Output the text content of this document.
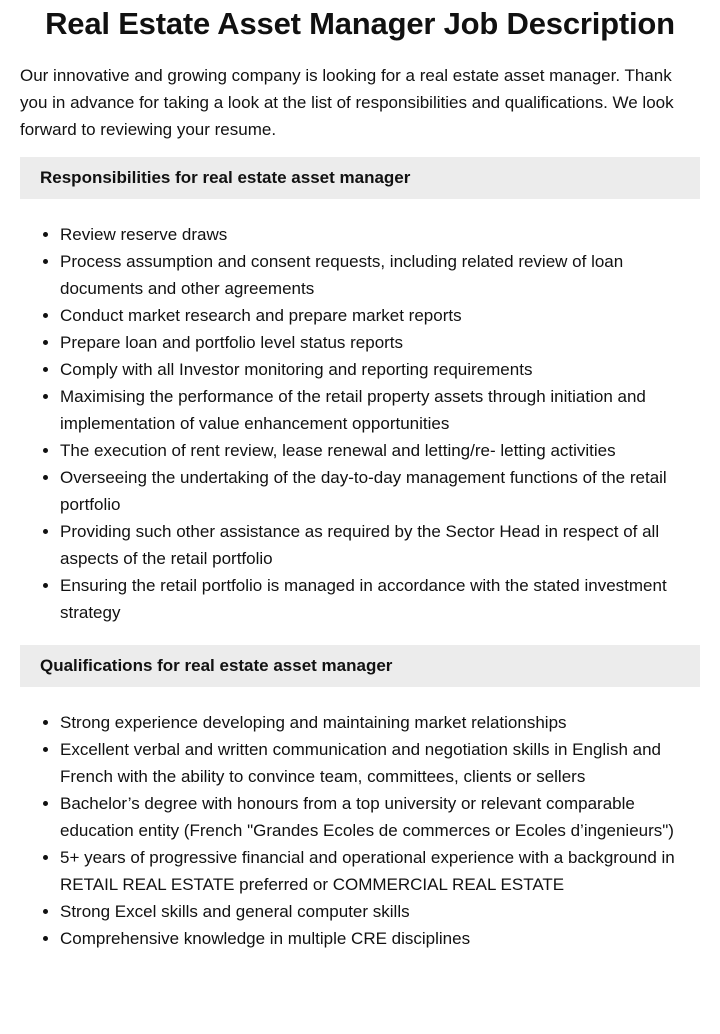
Real Estate Asset Manager Job Description

Our innovative and growing company is looking for a real estate asset manager. Thank you in advance for taking a look at the list of responsibilities and qualifications. We look forward to reviewing your resume.

Responsibilities for real estate asset manager
• Review reserve draws
• Process assumption and consent requests, including related review of loan documents and other agreements
• Conduct market research and prepare market reports
• Prepare loan and portfolio level status reports
• Comply with all Investor monitoring and reporting requirements
• Maximising the performance of the retail property assets through initiation and implementation of value enhancement opportunities
• The execution of rent review, lease renewal and letting/re- letting activities
• Overseeing the undertaking of the day-to-day management functions of the retail portfolio
• Providing such other assistance as required by the Sector Head in respect of all aspects of the retail portfolio
• Ensuring the retail portfolio is managed in accordance with the stated investment strategy
Qualifications for real estate asset manager
• Strong experience developing and maintaining market relationships
• Excellent verbal and written communication and negotiation skills in English and French with the ability to convince team, committees, clients or sellers
• Bachelor’s degree with honours from a top university or relevant comparable education entity (French "Grandes Ecoles de commerces or Ecoles d’ingenieurs")
• 5+ years of progressive financial and operational experience with a background in RETAIL REAL ESTATE preferred or COMMERCIAL REAL ESTATE
• Strong Excel skills and general computer skills
• Comprehensive knowledge in multiple CRE disciplines
